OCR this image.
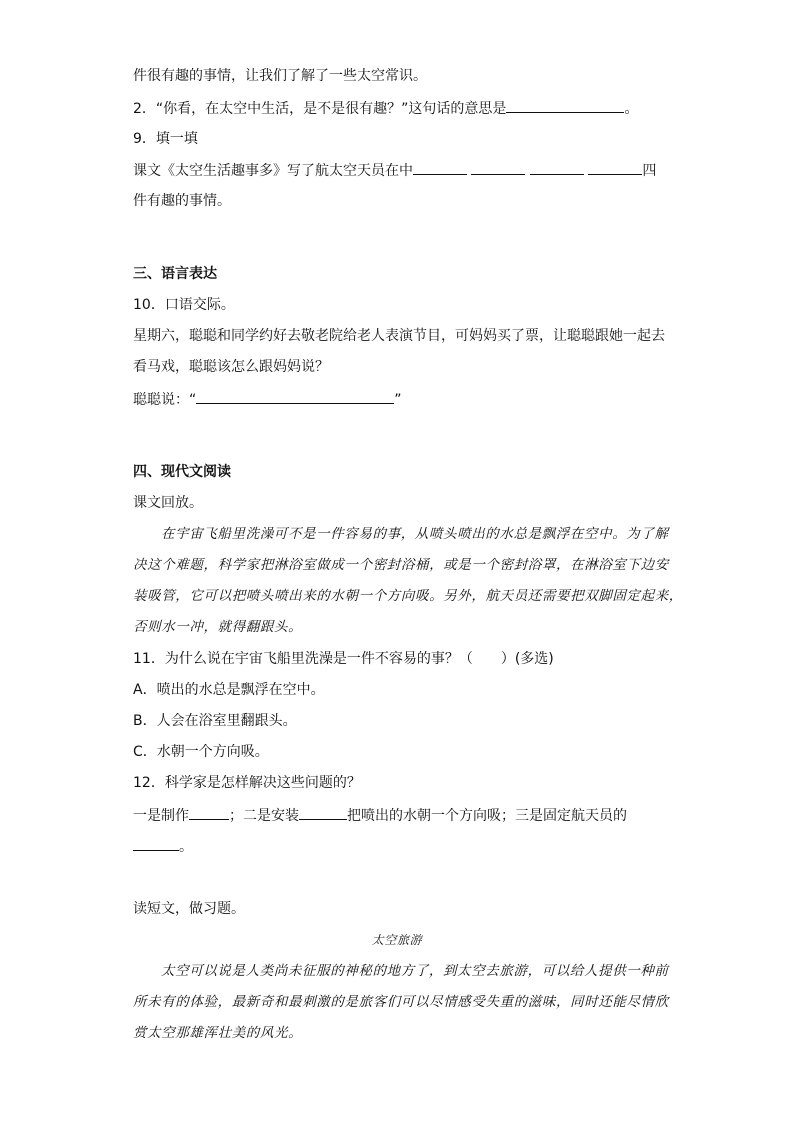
件很有趣的事情，让我们了解了一些太空常识。
2．“你看，在太空中生活，是不是很有趣？”这句话的意思是	。
9．填一填
课文《太空生活趣事多》写了航太空天员在中	四
件有趣的事情。
三、语言表达
10．口语交际。
星期六，聪聪和同学约好去敬老院给老人表演节目，可妈妈买了票，让聪聪跟她一起去
看马戏，聪聪该怎么跟妈妈说？
聪聪说：“	”
四、现代文阅读
课文回放。
在宇宙飞船里洗澡可不是一件容易的事，从喷头喷出的水总是飘浮在空中。为了解
决这个难题，科学家把淋浴室做成一个密封浴桶，或是一个密封浴罩，在淋浴室下边安
装吸管，它可以把喷头喷出来的水朝一个方向吸。另外，航天员还需要把双脚固定起来，
否则水一冲，就得翻跟头。
11．为什么说在宇宙飞船里洗澡是一件不容易的事？（　　）(多选)
A．喷出的水总是飘浮在空中。
B．人会在浴室里翻跟头。
C．水朝一个方向吸。
12．科学家是怎样解决这些问题的？
一是制作	；二是安装	把喷出的水朝一个方向吸；三是固定航天员的
。
读短文，做习题。
太空旅游
太空可以说是人类尚未征服的神秘的地方了，到太空去旅游，可以给人提供一种前
所未有的体验，最新奇和最刺激的是旅客们可以尽情感受失重的滋味，同时还能尽情欣
赏太空那雄浑壮美的风光。
